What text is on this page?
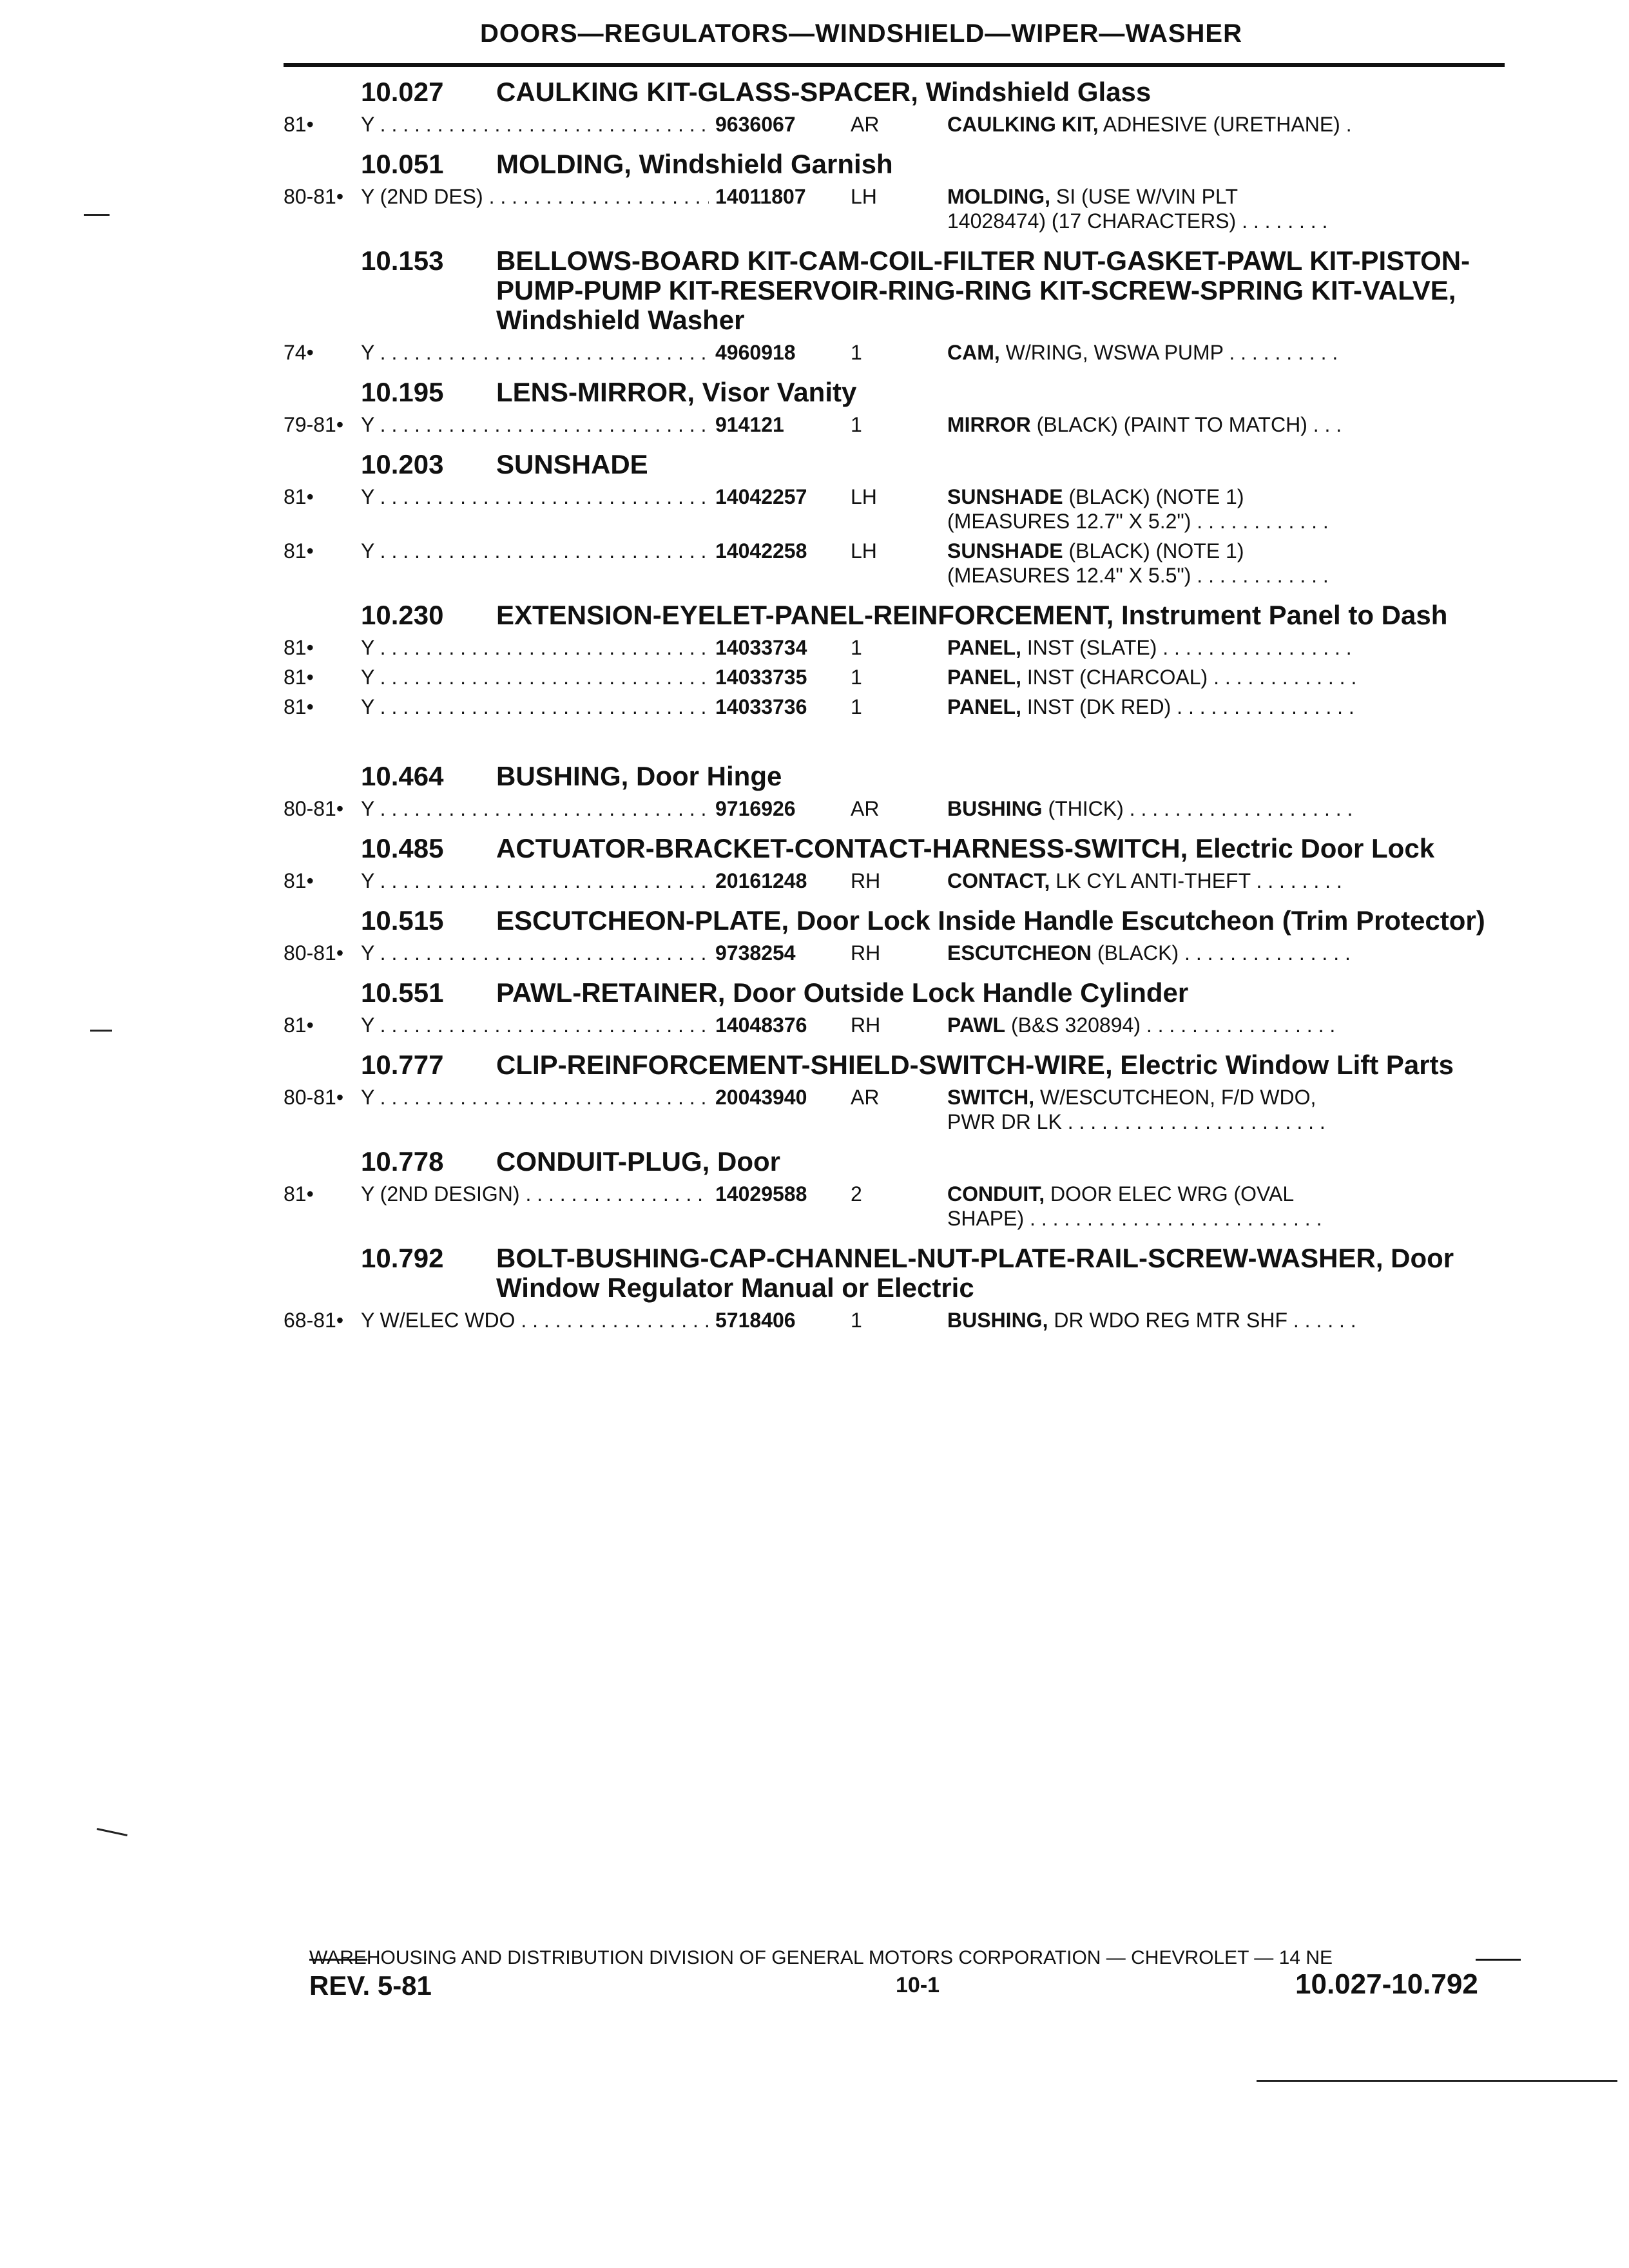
DOORS—REGULATORS—WINDSHIELD—WIPER—WASHER
10.027	CAULKING KIT-GLASS-SPACER, Windshield Glass
81•	Y . . .	9636067	AR	CAULKING KIT, ADHESIVE (URETHANE) .
10.051	MOLDING, Windshield Garnish
80-81• Y (2ND DES) . . .	14011807	LH	MOLDING, SI (USE W/VIN PLT
14028474) (17 CHARACTERS) . . . . . . . .
10.153	BELLOWS-BOARD KIT-CAM-COIL-FILTER NUT-GASKET-PAWL KIT-PISTON-PUMP-PUMP KIT-RESERVOIR-RING-RING KIT-SCREW-SPRING KIT-VALVE, Windshield Washer
74•	Y . . .	4960918	1	CAM, W/RING, WSWA PUMP . . . . . . . . . .
10.195	LENS-MIRROR, Visor Vanity
79-81• Y . . .	914121	1	MIRROR (BLACK) (PAINT TO MATCH) . . .
10.203	SUNSHADE
81•	Y . . .	14042257	LH	SUNSHADE (BLACK) (NOTE 1)
(MEASURES 12.7" X 5.2") . . . . . . . . . . . .
81•	Y . . .	14042258	LH	SUNSHADE (BLACK) (NOTE 1)
(MEASURES 12.4" X 5.5") . . . . . . . . . . . .
10.230	EXTENSION-EYELET-PANEL-REINFORCEMENT, Instrument Panel to Dash
81•	Y . . .	14033734	1	PANEL, INST (SLATE) . . . . . . . . . . . . . . . . .
81•	Y . . .	14033735	1	PANEL, INST (CHARCOAL) . . . . . . . . . . . . .
81•	Y . . .	14033736	1	PANEL, INST (DK RED) . . . . . . . . . . . . . . . .
10.464	BUSHING, Door Hinge
80-81• Y . . .	9716926	AR	BUSHING (THICK) . . . . . . . . . . . . . . . . . . . .
10.485	ACTUATOR-BRACKET-CONTACT-HARNESS-SWITCH, Electric Door Lock
81•	Y . . .	20161248	RH	CONTACT, LK CYL ANTI-THEFT . . . . . . . .
10.515	ESCUTCHEON-PLATE, Door Lock Inside Handle Escutcheon (Trim Protector)
80-81• Y . . .	9738254	RH	ESCUTCHEON (BLACK) . . . . . . . . . . . . . . .
10.551	PAWL-RETAINER, Door Outside Lock Handle Cylinder
81•	Y . . .	14048376	RH	PAWL (B&S 320894) . . . . . . . . . . . . . . . . .
10.777	CLIP-REINFORCEMENT-SHIELD-SWITCH-WIRE, Electric Window Lift Parts
80-81• Y . . .	20043940	AR	SWITCH, W/ESCUTCHEON, F/D WDO,
PWR DR LK . . . . . . . . . . . . . . . . . . . . . . .
10.778	CONDUIT-PLUG, Door
81•	Y (2ND DESIGN) . . .	14029588	2	CONDUIT, DOOR ELEC WRG (OVAL
SHAPE) . . . . . . . . . . . . . . . . . . . . . . . . . .
10.792	BOLT-BUSHING-CAP-CHANNEL-NUT-PLATE-RAIL-SCREW-WASHER, Door Window Regulator Manual or Electric
68-81• Y W/ELEC WDO . . .	5718406	1	BUSHING, DR WDO REG MTR SHF . . . . . .
WAREHOUSING AND DISTRIBUTION DIVISION OF GENERAL MOTORS CORPORATION — CHEVROLET — 14 NE
REV. 5-81	10-1	10.027-10.792
